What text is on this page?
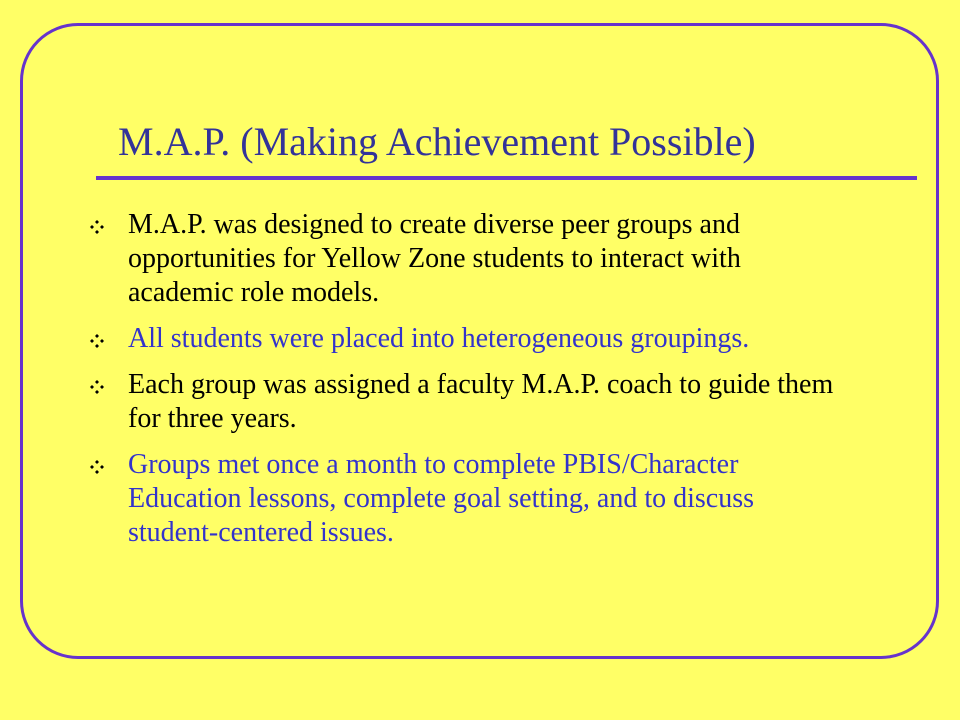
M.A.P. (Making Achievement Possible)
M.A.P. was designed to create diverse peer groups and opportunities for Yellow Zone students to interact with academic role models.
All students were placed into heterogeneous groupings.
Each group was assigned a faculty M.A.P. coach to guide them for three years.
Groups met once a month to complete PBIS/Character Education lessons, complete goal setting, and to discuss student-centered issues.
